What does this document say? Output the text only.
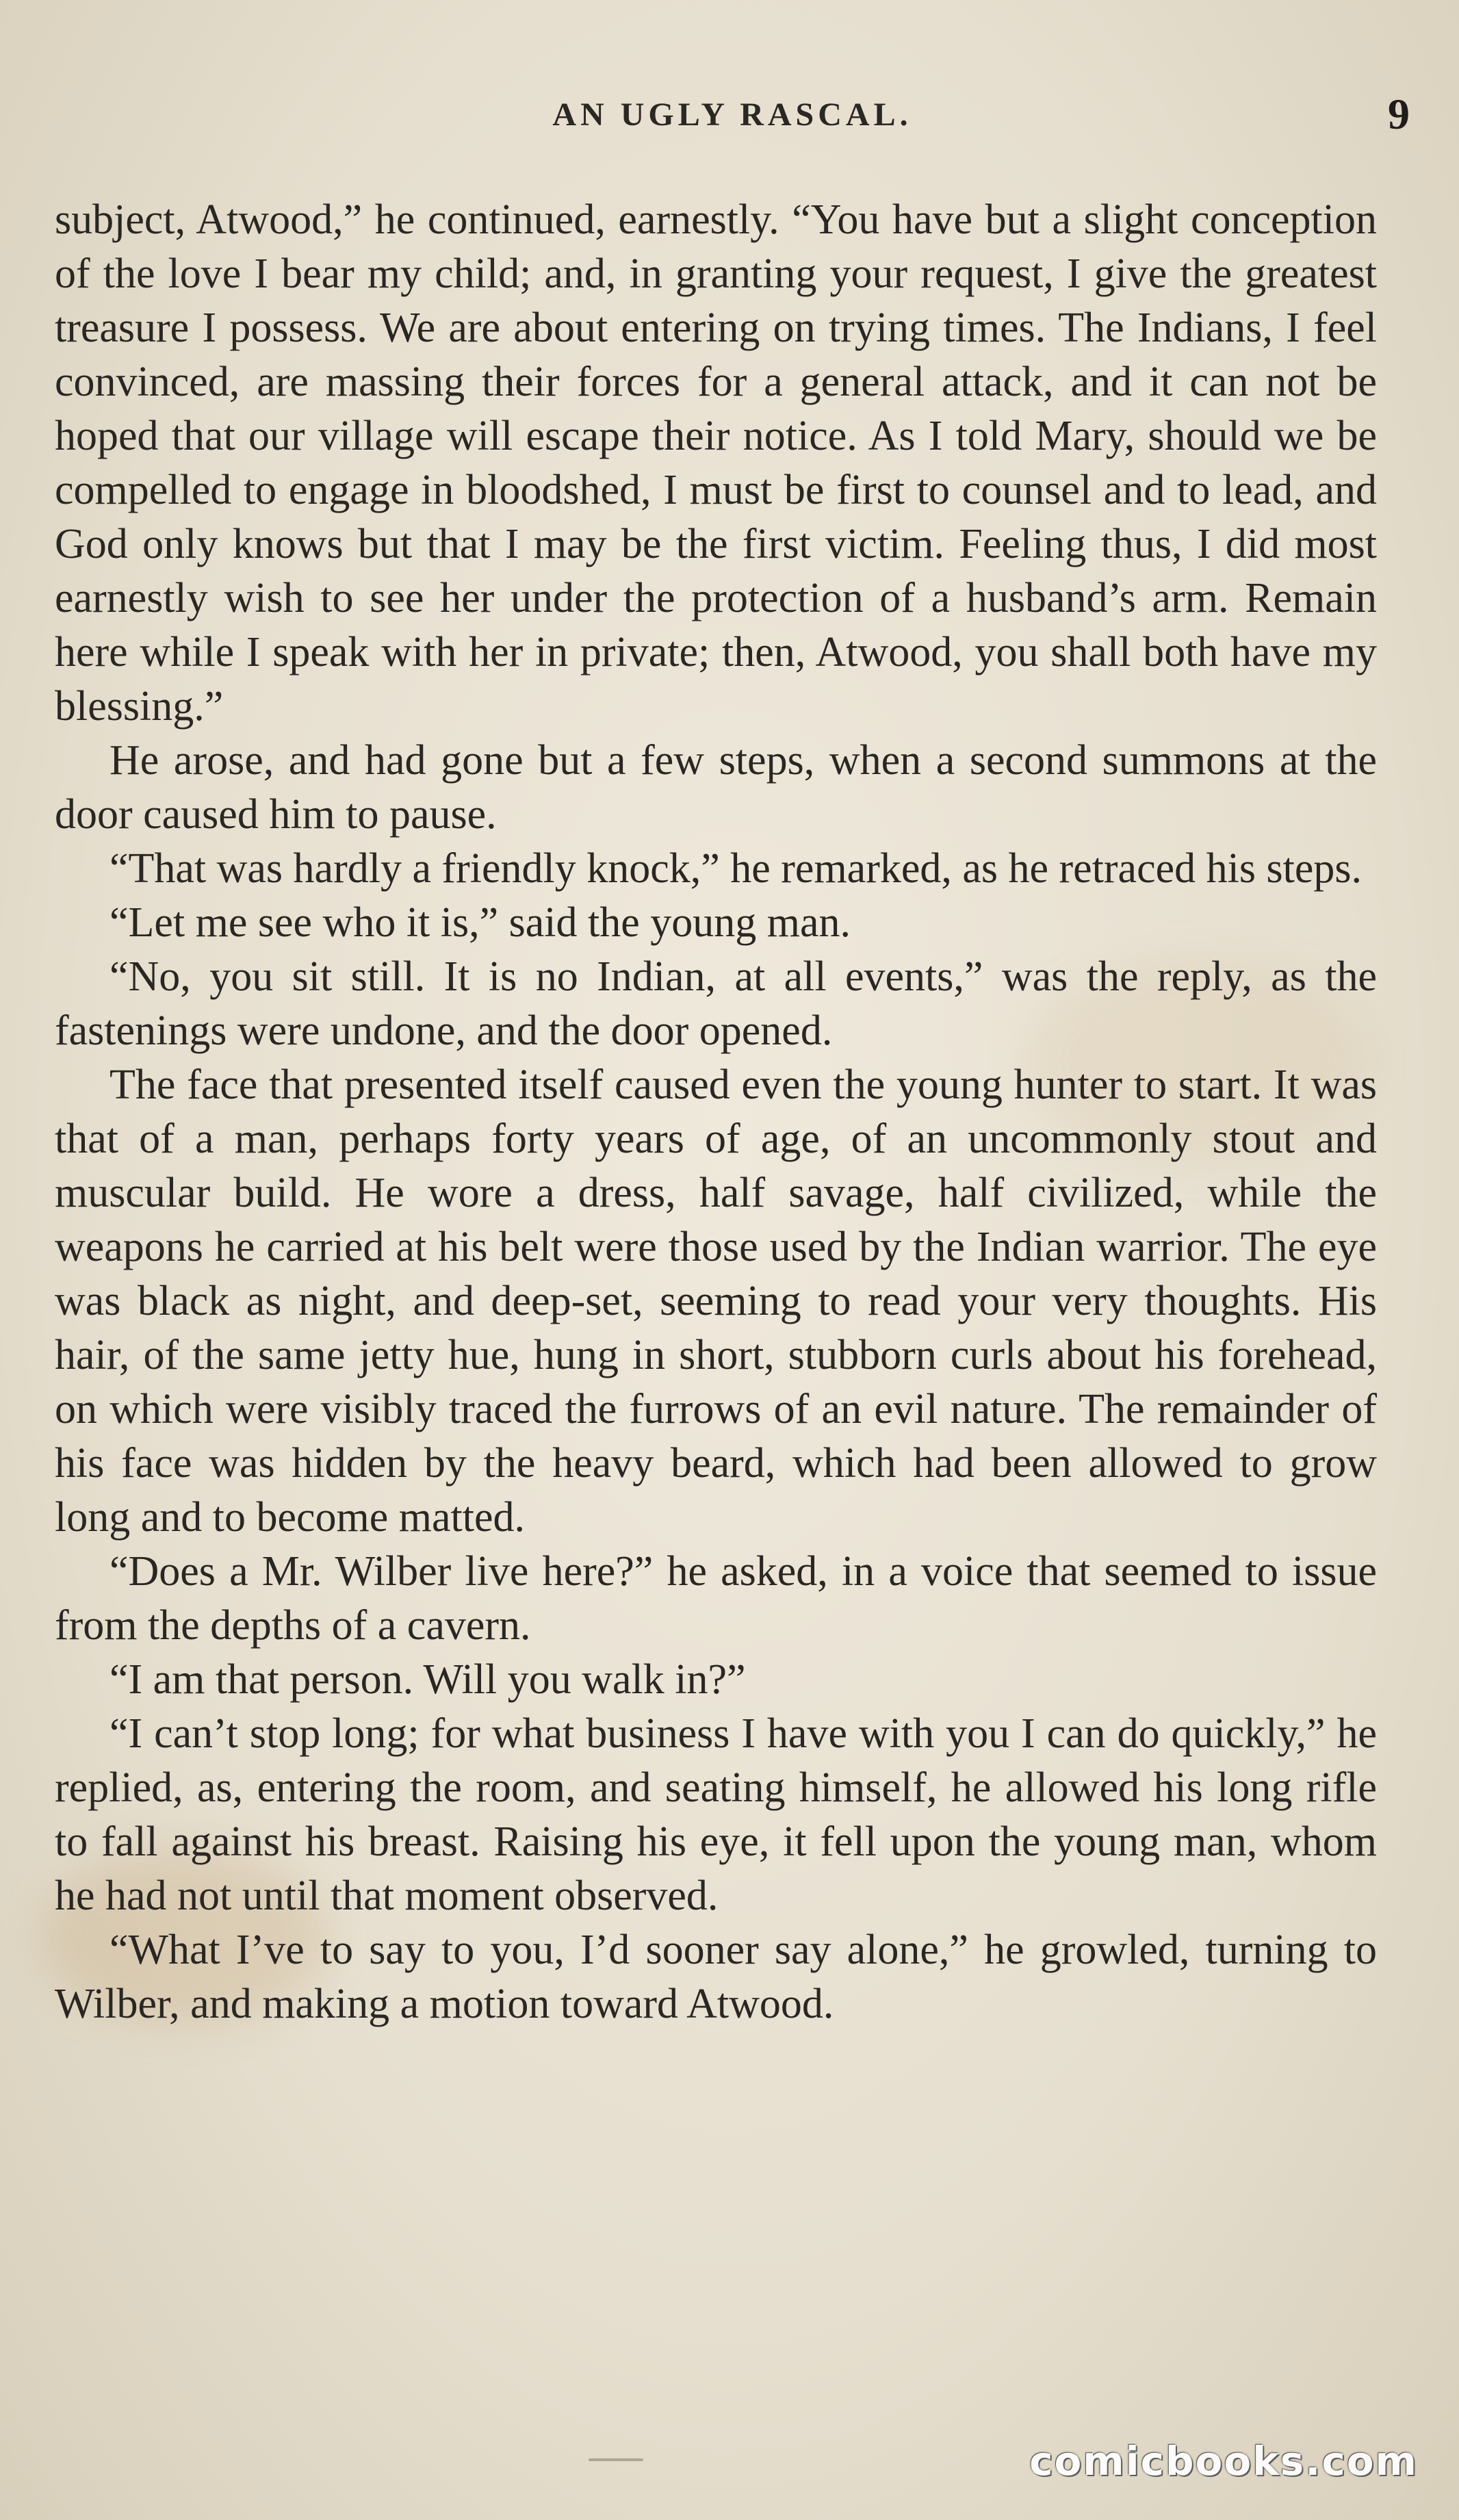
AN UGLY RASCAL.	9

subject, Atwood,” he continued, earnestly. “You have but a slight conception of the love I bear my child; and, in granting your request, I give the greatest treasure I possess. We are about entering on trying times. The Indians, I feel convinced, are massing their forces for a general attack, and it can not be hoped that our village will escape their notice. As I told Mary, should we be compelled to engage in bloodshed, I must be first to counsel and to lead, and God only knows but that I may be the first victim. Feeling thus, I did most earnestly wish to see her under the protection of a husband’s arm. Remain here while I speak with her in private; then, Atwood, you shall both have my blessing.”

He arose, and had gone but a few steps, when a second summons at the door caused him to pause.

“That was hardly a friendly knock,” he remarked, as he retraced his steps.

“Let me see who it is,” said the young man.

“No, you sit still. It is no Indian, at all events,” was the reply, as the fastenings were undone, and the door opened.

The face that presented itself caused even the young hunter to start. It was that of a man, perhaps forty years of age, of an uncommonly stout and muscular build. He wore a dress, half savage, half civilized, while the weapons he carried at his belt were those used by the Indian warrior. The eye was black as night, and deep-set, seeming to read your very thoughts. His hair, of the same jetty hue, hung in short, stubborn curls about his forehead, on which were visibly traced the furrows of an evil nature. The remainder of his face was hidden by the heavy beard, which had been allowed to grow long and to become matted.

“Does a Mr. Wilber live here?” he asked, in a voice that seemed to issue from the depths of a cavern.

“I am that person. Will you walk in?”

“I can’t stop long; for what business I have with you I can do quickly,” he replied, as, entering the room, and seating himself, he allowed his long rifle to fall against his breast. Raising his eye, it fell upon the young man, whom he had not until that moment observed.

“What I’ve to say to you, I’d sooner say alone,” he growled, turning to Wilber, and making a motion toward Atwood.

comicbooks.com
